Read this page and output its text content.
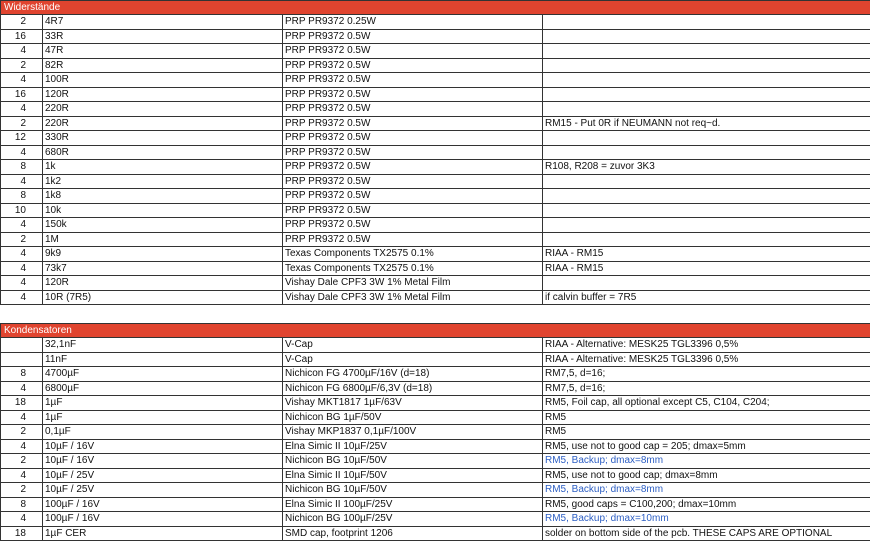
Widerstände			
2	4R7	PRP PR9372 0.25W	
16	33R	PRP PR9372 0.5W	
4	47R	PRP PR9372 0.5W	
2	82R	PRP PR9372 0.5W	
4	100R	PRP PR9372 0.5W	
16	120R	PRP PR9372 0.5W	
4	220R	PRP PR9372 0.5W	
2	220R	PRP PR9372 0.5W	RM15 - Put 0R if NEUMANN not req~d.
12	330R	PRP PR9372 0.5W	
4	680R	PRP PR9372 0.5W	
8	1k	PRP PR9372 0.5W	R108, R208 = zuvor 3K3
4	1k2	PRP PR9372 0.5W	
8	1k8	PRP PR9372 0.5W	
10	10k	PRP PR9372 0.5W	
4	150k	PRP PR9372 0.5W	
2	1M	PRP PR9372 0.5W	
4	9k9	Texas Components TX2575 0.1%	RIAA - RM15
4	73k7	Texas Components TX2575 0.1%	RIAA - RM15
4	120R	Vishay Dale CPF3 3W 1% Metal Film	
4	10R (7R5)	Vishay Dale CPF3 3W 1% Metal Film	if calvin buffer = 7R5
Kondensatoren			
	32,1nF	V-Cap	RIAA - Alternative: MESK25 TGL3396 0,5%
	11nF	V-Cap	RIAA - Alternative: MESK25 TGL3396 0,5%
8	4700µF	Nichicon FG 4700µF/16V (d=18)	RM7,5, d=16;
4	6800µF	Nichicon FG 6800µF/6,3V (d=18)	RM7,5, d=16;
18	1µF	Vishay MKT1817 1µF/63V	RM5, Foil cap, all optional except C5, C104, C204;
4	1µF	Nichicon BG 1µF/50V	RM5
2	0,1µF	Vishay MKP1837 0,1µF/100V	RM5
4	10µF / 16V	Elna Simic II 10µF/25V	RM5, use not to good cap = 205; dmax=5mm
2	10µF / 16V	Nichicon BG 10µF/50V	RM5, Backup; dmax=8mm
4	10µF / 25V	Elna Simic II 10µF/50V	RM5, use not to good cap; dmax=8mm
2	10µF / 25V	Nichicon BG 10µF/50V	RM5, Backup; dmax=8mm
8	100µF / 16V	Elna Simic II 100µF/25V	RM5, good caps = C100,200; dmax=10mm
4	100µF / 16V	Nichicon BG 100µF/25V	RM5, Backup; dmax=10mm
18	1µF CER	SMD cap, footprint 1206	solder on bottom side of the pcb. THESE CAPS ARE OPTIONAL
